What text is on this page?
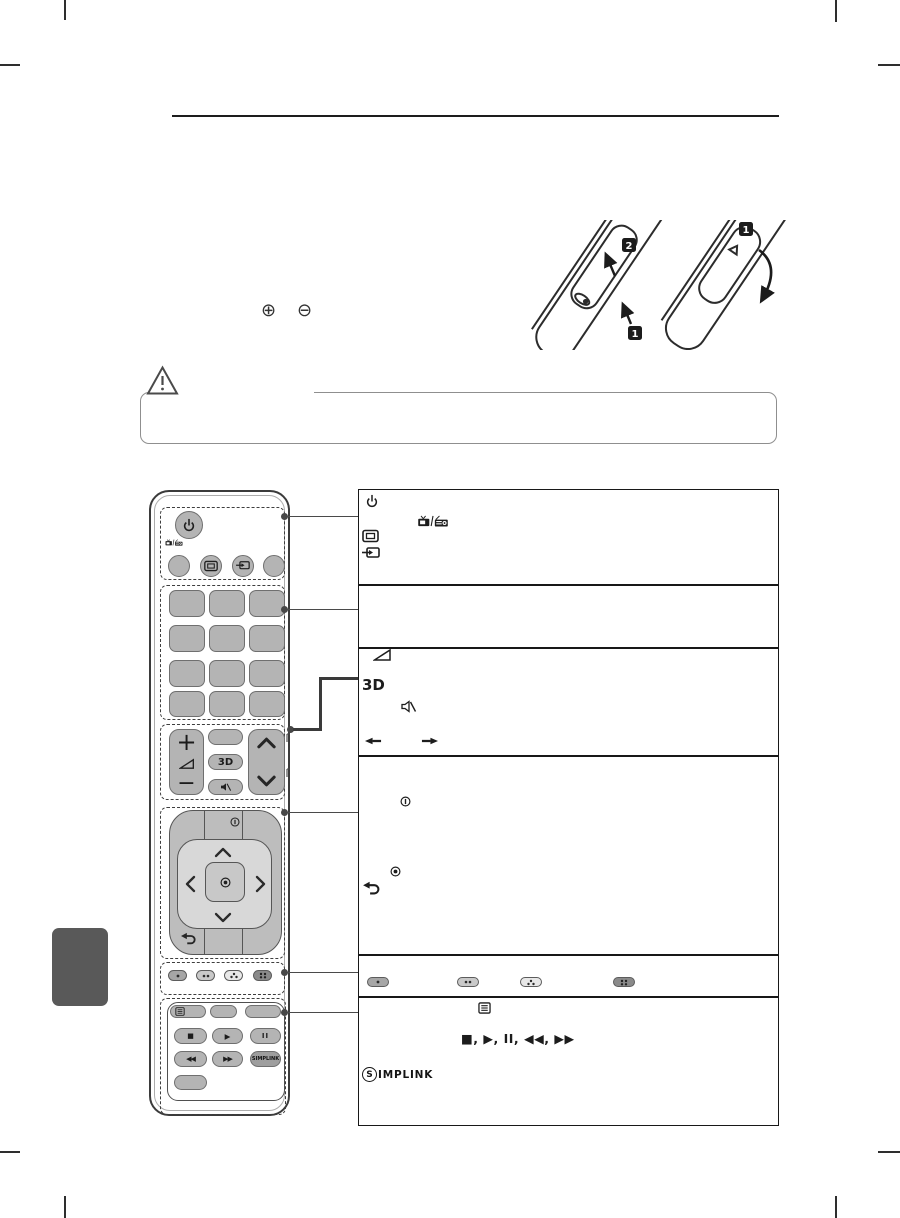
⊕ ⊖
2
1
1
+
−
3D
■	▶	II
◀◀	▶▶	SIMPLINK
3D
■, ▶, II, ◀◀, ▶▶
S IMPLINK
